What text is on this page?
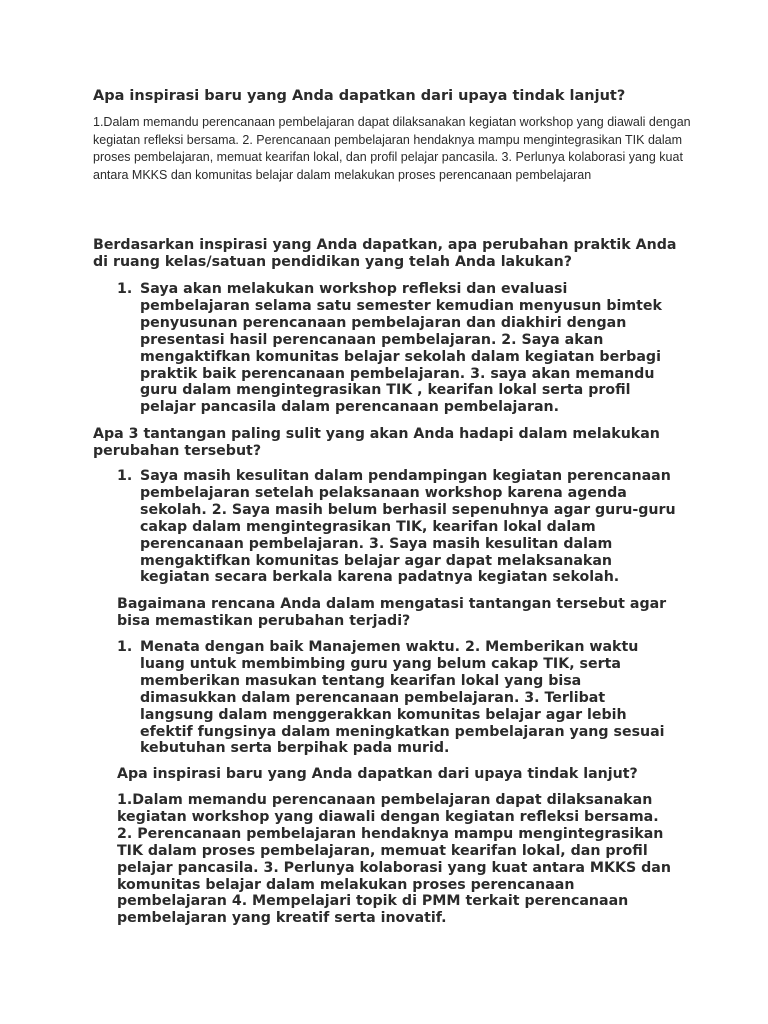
Apa inspirasi baru yang Anda dapatkan dari upaya tindak lanjut?
1.Dalam memandu perencanaan pembelajaran dapat dilaksanakan kegiatan workshop yang diawali dengan kegiatan refleksi bersama. 2. Perencanaan pembelajaran hendaknya mampu mengintegrasikan TIK dalam proses pembelajaran, memuat kearifan lokal, dan profil pelajar pancasila. 3. Perlunya kolaborasi yang kuat antara MKKS dan komunitas belajar dalam melakukan proses perencanaan pembelajaran
Berdasarkan inspirasi yang Anda dapatkan, apa perubahan praktik Anda di ruang kelas/satuan pendidikan yang telah Anda lakukan?
1. Saya akan melakukan workshop refleksi dan evaluasi pembelajaran selama satu semester kemudian menyusun bimtek penyusunan perencanaan pembelajaran dan diakhiri dengan presentasi hasil perencanaan pembelajaran. 2. Saya akan mengaktifkan komunitas belajar sekolah dalam kegiatan berbagi praktik baik perencanaan pembelajaran. 3. saya akan memandu guru dalam mengintegrasikan TIK , kearifan lokal serta profil pelajar pancasila dalam perencanaan pembelajaran.
Apa 3 tantangan paling sulit yang akan Anda hadapi dalam melakukan perubahan tersebut?
1. Saya masih kesulitan dalam pendampingan kegiatan perencanaan pembelajaran setelah pelaksanaan workshop karena agenda sekolah. 2. Saya masih belum berhasil sepenuhnya agar guru-guru cakap dalam mengintegrasikan TIK, kearifan lokal dalam perencanaan pembelajaran. 3. Saya masih kesulitan dalam mengaktifkan komunitas belajar agar dapat melaksanakan kegiatan secara berkala karena padatnya kegiatan sekolah.
Bagaimana rencana Anda dalam mengatasi tantangan tersebut agar bisa memastikan perubahan terjadi?
1. Menata dengan baik Manajemen waktu. 2. Memberikan waktu luang untuk membimbing guru yang belum cakap TIK, serta memberikan masukan tentang kearifan lokal yang bisa dimasukkan dalam perencanaan pembelajaran. 3. Terlibat langsung dalam menggerakkan komunitas belajar agar lebih efektif fungsinya dalam meningkatkan pembelajaran yang sesuai kebutuhan serta berpihak pada murid.
Apa inspirasi baru yang Anda dapatkan dari upaya tindak lanjut?
1.Dalam memandu perencanaan pembelajaran dapat dilaksanakan kegiatan workshop yang diawali dengan kegiatan refleksi bersama. 2. Perencanaan pembelajaran hendaknya mampu mengintegrasikan TIK dalam proses pembelajaran, memuat kearifan lokal, dan profil pelajar pancasila. 3. Perlunya kolaborasi yang kuat antara MKKS dan komunitas belajar dalam melakukan proses perencanaan pembelajaran 4. Mempelajari topik di PMM terkait perencanaan pembelajaran yang kreatif serta inovatif.
